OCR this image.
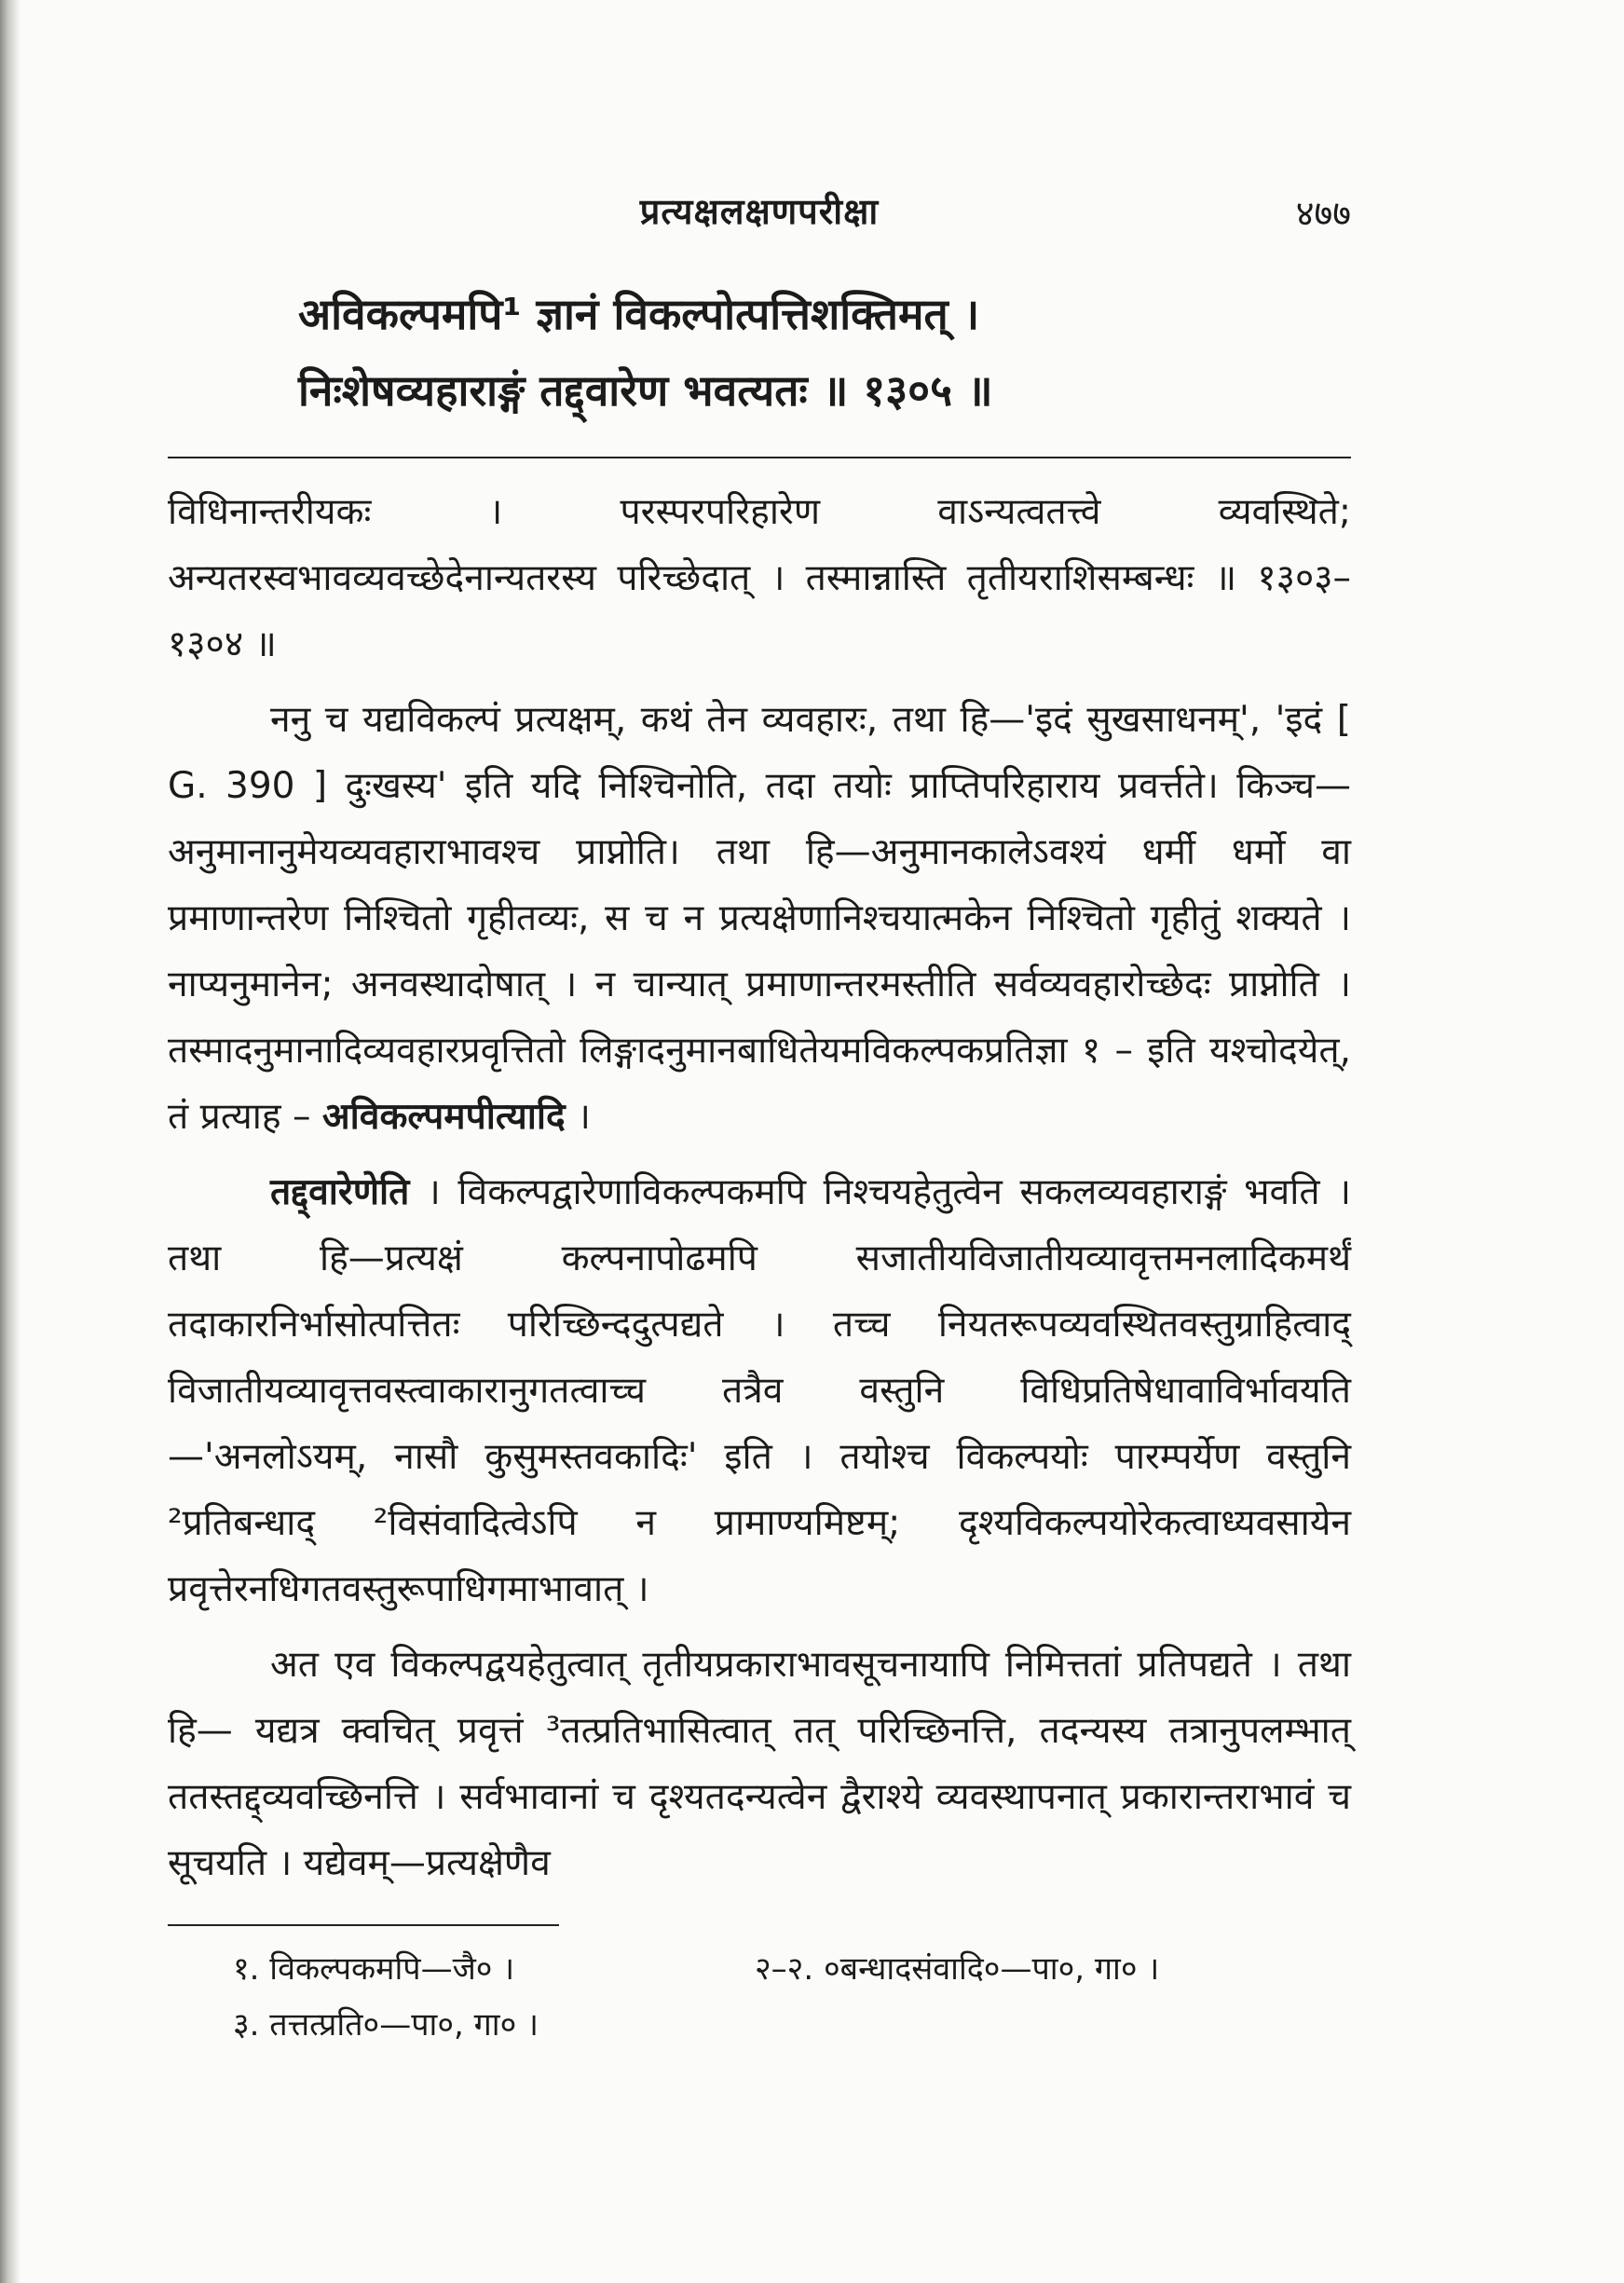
प्रत्यक्षलक्षणपरीक्षा	४७७
अविकल्पमपि¹ ज्ञानं विकल्पोत्पत्तिशक्तिमत् ।
निःशेषव्यहाराङ्गं तद्द्वारेण भवत्यतः ॥ १३०५ ॥

विधिनान्तरीयकः । परस्परपरिहारेण वाऽन्यत्वतत्त्वे व्यवस्थिते; अन्यतरस्वभावव्यवच्छेदेनान्यतरस्य परिच्छेदात् । तस्मान्नास्ति तृतीयराशिसम्बन्धः ॥ १३०३–१३०४ ॥

ननु च यद्यविकल्पं प्रत्यक्षम्, कथं तेन व्यवहारः, तथा हि—'इदं सुखसाधनम्', 'इदं [ G. 390 ] दुःखस्य' इति यदि निश्चिनोति, तदा तयोः प्राप्तिपरिहाराय प्रवर्त्तते। किञ्च—अनुमानानुमेयव्यवहाराभावश्च प्राप्नोति। तथा हि—अनुमानकालेऽवश्यं धर्मी धर्मो वा प्रमाणान्तरेण निश्चितो गृहीतव्यः, स च न प्रत्यक्षेणानिश्चयात्मकेन निश्चितो गृहीतुं शक्यते । नाप्यनुमानेन; अनवस्थादोषात् । न चान्यात् प्रमाणान्तरमस्तीति सर्वव्यवहारोच्छेदः प्राप्नोति । तस्मादनुमानादिव्यवहारप्रवृत्तितो लिङ्गादनुमानबाधितेयमविकल्पकप्रतिज्ञा १ – इति यश्चोदयेत्, तं प्रत्याह – अविकल्पमपीत्यादि ।

तद्द्वारेणेति । विकल्पद्वारेणाविकल्पकमपि निश्चयहेतुत्वेन सकलव्यवहाराङ्गं भवति । तथा हि—प्रत्यक्षं कल्पनापोढमपि सजातीयविजातीयव्यावृत्तमनलादिकमर्थं तदाकारनिर्भासोत्पत्तितः परिच्छिन्ददुत्पद्यते । तच्च नियतरूपव्यवस्थितवस्तुग्राहित्वाद् विजातीयव्यावृत्तवस्त्वाकारानुगतत्वाच्च तत्रैव वस्तुनि विधिप्रतिषेधावाविर्भावयति—'अनलोऽयम्, नासौ कुसुमस्तवकादिः' इति । तयोश्च विकल्पयोः पारम्पर्येण वस्तुनि ²प्रतिबन्धाद् ²विसंवादित्वेऽपि न प्रामाण्यमिष्टम्; दृश्यविकल्पयोरेकत्वाध्यवसायेन प्रवृत्तेरनधिगतवस्तुरूपाधिगमाभावात् ।

अत एव विकल्पद्वयहेतुत्वात् तृतीयप्रकाराभावसूचनायापि निमित्ततां प्रतिपद्यते । तथा हि— यद्यत्र क्वचित् प्रवृत्तं ³तत्प्रतिभासित्वात् तत् परिच्छिनत्ति, तदन्यस्य तत्रानुपलम्भात् ततस्तद्द्व्यवच्छिनत्ति । सर्वभावानां च दृश्यतदन्यत्वेन द्वैराश्ये व्यवस्थापनात् प्रकारान्तराभावं च सूचयति । यद्येवम्—प्रत्यक्षेणैव

१. विकल्पकमपि—जै० ।	२–२. ०बन्धादसंवादि०—पा०, गा० ।
३. तत्तत्प्रति०—पा०, गा० ।
